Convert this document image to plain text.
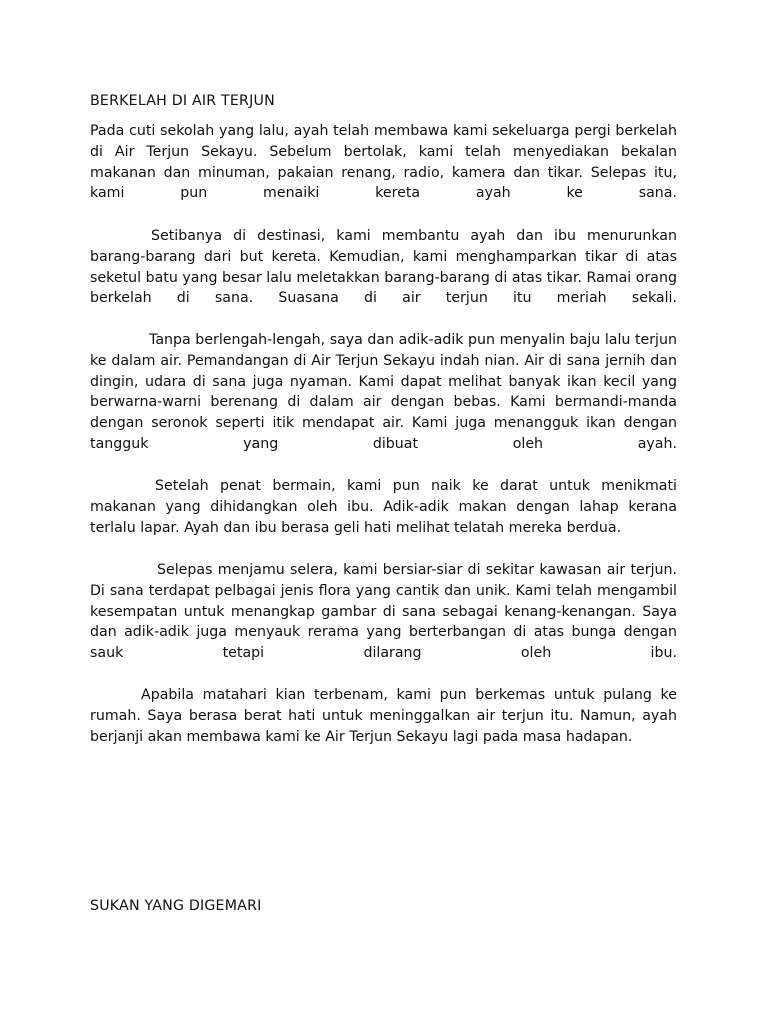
BERKELAH DI AIR TERJUN

Pada cuti sekolah yang lalu, ayah telah membawa kami sekeluarga pergi berkelah di Air Terjun Sekayu. Sebelum bertolak, kami telah menyediakan bekalan makanan dan minuman, pakaian renang, radio, kamera dan tikar. Selepas itu, kami pun menaiki kereta ayah ke sana.

Setibanya di destinasi, kami membantu ayah dan ibu menurunkan barang-barang dari but kereta. Kemudian, kami menghamparkan tikar di atas seketul batu yang besar lalu meletakkan barang-barang di atas tikar. Ramai orang berkelah di sana. Suasana di air terjun itu meriah sekali.

Tanpa berlengah-lengah, saya dan adik-adik pun menyalin baju lalu terjun ke dalam air. Pemandangan di Air Terjun Sekayu indah nian. Air di sana jernih dan dingin, udara di sana juga nyaman. Kami dapat melihat banyak ikan kecil yang berwarna-warni berenang di dalam air dengan bebas. Kami bermandi-manda dengan seronok seperti itik mendapat air. Kami juga menangguk ikan dengan tangguk yang dibuat oleh ayah.

Setelah penat bermain, kami pun naik ke darat untuk menikmati makanan yang dihidangkan oleh ibu. Adik-adik makan dengan lahap kerana terlalu lapar. Ayah dan ibu berasa geli hati melihat telatah mereka berdua.

Selepas menjamu selera, kami bersiar-siar di sekitar kawasan air terjun. Di sana terdapat pelbagai jenis flora yang cantik dan unik. Kami telah mengambil kesempatan untuk menangkap gambar di sana sebagai kenang-kenangan. Saya dan adik-adik juga menyauk rerama yang berterbangan di atas bunga dengan sauk tetapi dilarang oleh ibu.

Apabila matahari kian terbenam, kami pun berkemas untuk pulang ke rumah. Saya berasa berat hati untuk meninggalkan air terjun itu. Namun, ayah berjanji akan membawa kami ke Air Terjun Sekayu lagi pada masa hadapan.

SUKAN YANG DIGEMARI
